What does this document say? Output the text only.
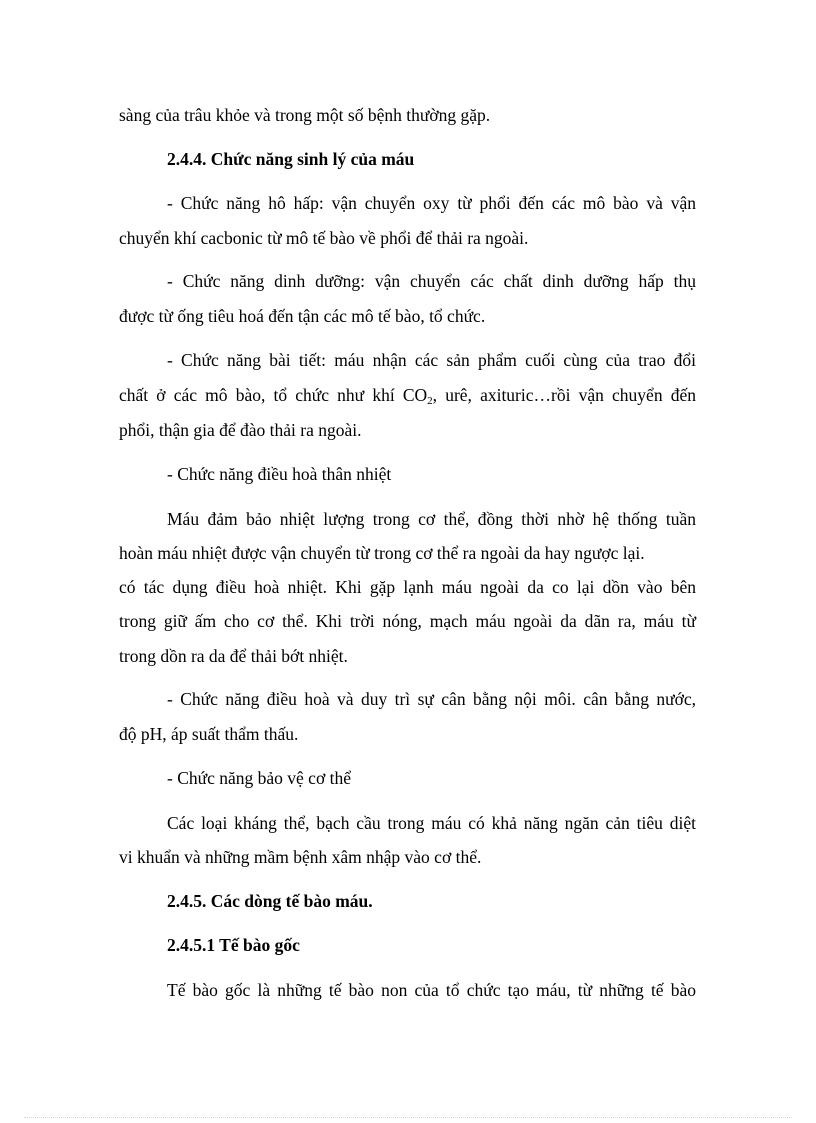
sàng của trâu khỏe và trong một số bệnh thường gặp.
2.4.4. Chức năng sinh lý của máu
- Chức năng hô hấp: vận chuyển oxy từ phổi đến các mô bào và vận
chuyển khí cacbonic từ mô tế bào về phổi để thải ra ngoài.
- Chức năng dinh dưỡng: vận chuyển các chất dinh dưỡng hấp thụ
được từ ống tiêu hoá đến tận các mô tế bào, tổ chức.
- Chức năng bài tiết: máu nhận các sản phẩm cuối cùng của trao đổi
chất ở các mô bào, tổ chức như khí $CO_2$, urê, axituric…rồi vận chuyển đến
phổi, thận gia để đào thải ra ngoài.
- Chức năng điều hoà thân nhiệt
Máu đảm bảo nhiệt lượng trong cơ thể, đồng thời nhờ hệ thống tuần
hoàn máu nhiệt được vận chuyển từ trong cơ thể ra ngoài da hay ngược lại.
có tác dụng điều hoà nhiệt. Khi gặp lạnh máu ngoài da co lại dồn vào bên
trong giữ ấm cho cơ thể. Khi trời nóng, mạch máu ngoài da dãn ra, máu từ
trong dồn ra da để thải bớt nhiệt.
- Chức năng điều hoà và duy trì sự cân bằng nội môi. cân bằng nước,
độ pH, áp suất thẩm thấu.
- Chức năng bảo vệ cơ thể
Các loại kháng thể, bạch cầu trong máu có khả năng ngăn cản tiêu diệt
vi khuẩn và những mầm bệnh xâm nhập vào cơ thể.
2.4.5. Các dòng tế bào máu.
2.4.5.1 Tế bào gốc
Tế bào gốc là những tế bào non của tổ chức tạo máu, từ những tế bào
